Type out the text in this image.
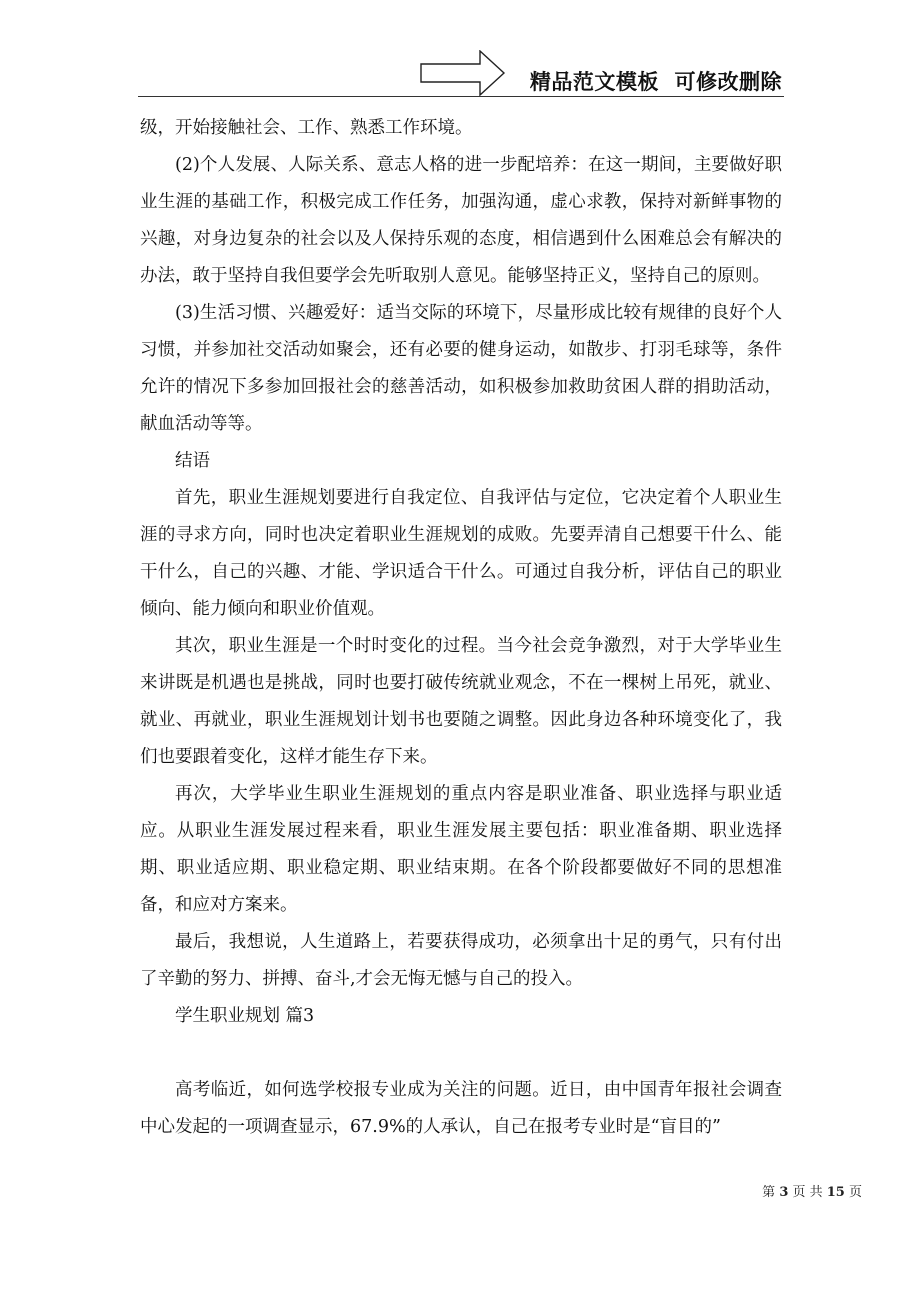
精品范文模板  可修改删除

级，开始接触社会、工作、熟悉工作环境。

(2)个人发展、人际关系、意志人格的进一步配培养：在这一期间，主要做好职业生涯的基础工作，积极完成工作任务，加强沟通，虚心求教，保持对新鲜事物的兴趣，对身边复杂的社会以及人保持乐观的态度，相信遇到什么困难总会有解决的办法，敢于坚持自我但要学会先听取别人意见。能够坚持正义，坚持自己的原则。

(3)生活习惯、兴趣爱好：适当交际的环境下，尽量形成比较有规律的良好个人习惯，并参加社交活动如聚会，还有必要的健身运动，如散步、打羽毛球等，条件允许的情况下多参加回报社会的慈善活动，如积极参加救助贫困人群的捐助活动，献血活动等等。

结语

首先，职业生涯规划要进行自我定位、自我评估与定位，它决定着个人职业生涯的寻求方向，同时也决定着职业生涯规划的成败。先要弄清自己想要干什么、能干什么，自己的兴趣、才能、学识适合干什么。可通过自我分析，评估自己的职业倾向、能力倾向和职业价值观。

其次，职业生涯是一个时时变化的过程。当今社会竞争激烈，对于大学毕业生来讲既是机遇也是挑战，同时也要打破传统就业观念，不在一棵树上吊死，就业、就业、再就业，职业生涯规划计划书也要随之调整。因此身边各种环境变化了，我们也要跟着变化，这样才能生存下来。

再次，大学毕业生职业生涯规划的重点内容是职业准备、职业选择与职业适应。从职业生涯发展过程来看，职业生涯发展主要包括：职业准备期、职业选择期、职业适应期、职业稳定期、职业结束期。在各个阶段都要做好不同的思想准备，和应对方案来。

最后，我想说，人生道路上，若要获得成功，必须拿出十足的勇气，只有付出了辛勤的努力、拼搏、奋斗,才会无悔无憾与自己的投入。

学生职业规划 篇3

高考临近，如何选学校报专业成为关注的问题。近日，由中国青年报社会调查中心发起的一项调查显示，67.9%的人承认，自己在报考专业时是“盲目的”

第 3 页 共 15 页
